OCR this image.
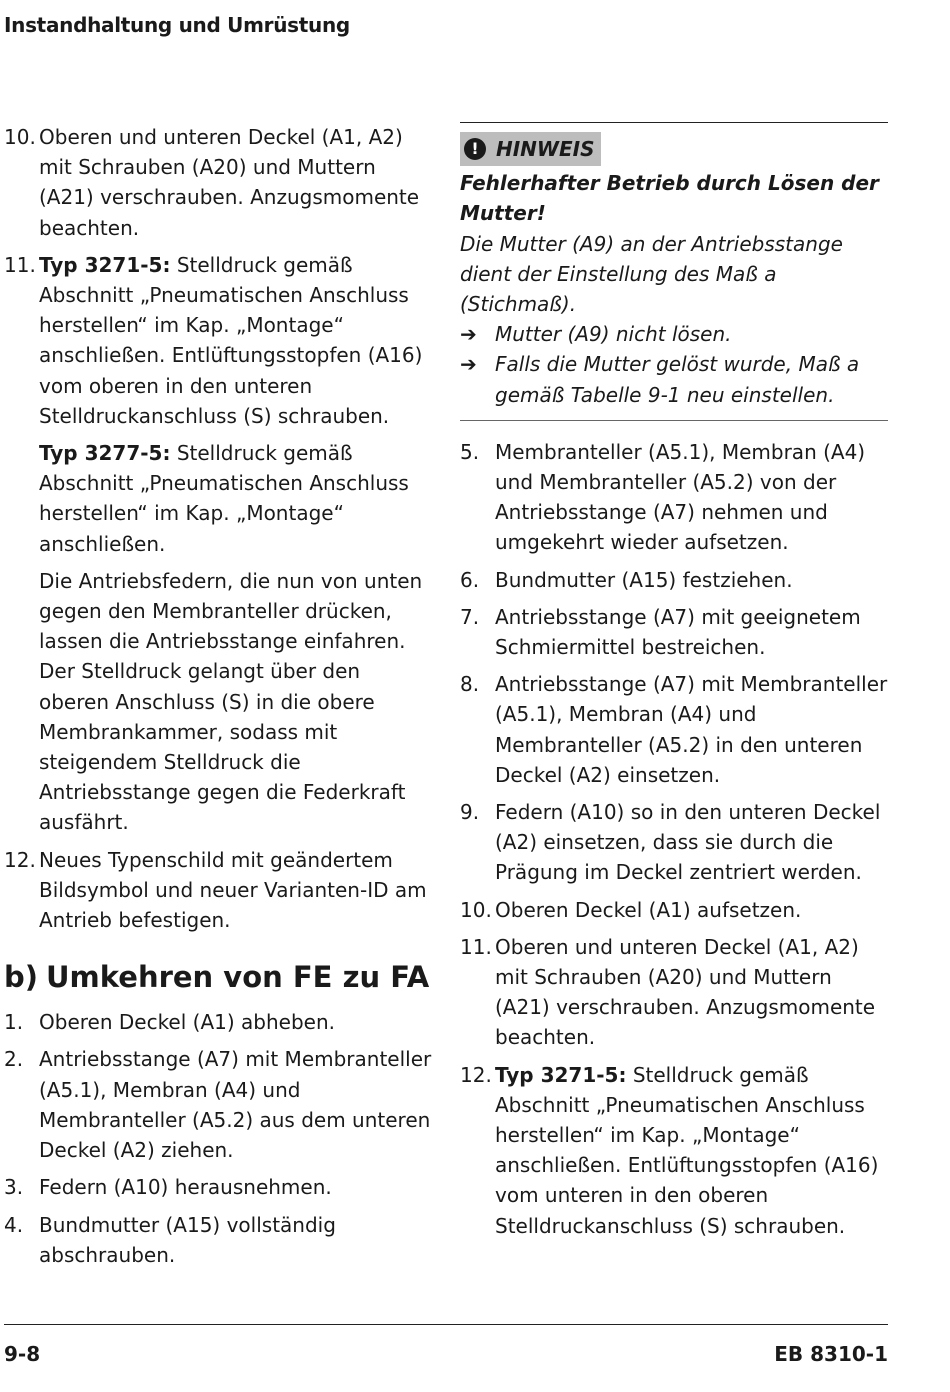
Instandhaltung und Umrüstung
10. Oberen und unteren Deckel (A1, A2) mit Schrauben (A20) und Muttern (A21) verschrauben. Anzugsmomente beachten.
11. Typ 3271-5: Stelldruck gemäß Abschnitt „Pneumatischen Anschluss herstellen“ im Kap. „Montage“ anschließen. Entlüftungsstopfen (A16) vom oberen in den unteren Stelldruckanschluss (S) schrauben.
Typ 3277-5: Stelldruck gemäß Abschnitt „Pneumatischen Anschluss herstellen“ im Kap. „Montage“ anschließen.
Die Antriebsfedern, die nun von unten gegen den Membranteller drücken, lassen die Antriebsstange einfahren. Der Stelldruck gelangt über den oberen Anschluss (S) in die obere Membrankammer, sodass mit steigendem Stelldruck die Antriebsstange gegen die Federkraft ausfährt.
12. Neues Typenschild mit geändertem Bildsymbol und neuer Varianten-ID am Antrieb befestigen.
b) Umkehren von FE zu FA
1. Oberen Deckel (A1) abheben.
2. Antriebsstange (A7) mit Membranteller (A5.1), Membran (A4) und Membranteller (A5.2) aus dem unteren Deckel (A2) ziehen.
3. Federn (A10) herausnehmen.
4. Bundmutter (A15) vollständig abschrauben.
! HINWEIS
Fehlerhafter Betrieb durch Lösen der Mutter!
Die Mutter (A9) an der Antriebsstange dient der Einstellung des Maß a (Stichmaß).
➔ Mutter (A9) nicht lösen.
➔ Falls die Mutter gelöst wurde, Maß a gemäß Tabelle 9-1 neu einstellen.
5. Membranteller (A5.1), Membran (A4) und Membranteller (A5.2) von der Antriebsstange (A7) nehmen und umgekehrt wieder aufsetzen.
6. Bundmutter (A15) festziehen.
7. Antriebsstange (A7) mit geeignetem Schmiermittel bestreichen.
8. Antriebsstange (A7) mit Membranteller (A5.1), Membran (A4) und Membranteller (A5.2) in den unteren Deckel (A2) einsetzen.
9. Federn (A10) so in den unteren Deckel (A2) einsetzen, dass sie durch die Prägung im Deckel zentriert werden.
10. Oberen Deckel (A1) aufsetzen.
11. Oberen und unteren Deckel (A1, A2) mit Schrauben (A20) und Muttern (A21) verschrauben. Anzugsmomente beachten.
12. Typ 3271-5: Stelldruck gemäß Abschnitt „Pneumatischen Anschluss herstellen“ im Kap. „Montage“ anschließen. Entlüftungsstopfen (A16) vom unteren in den oberen Stelldruckanschluss (S) schrauben.
9-8	EB 8310-1
